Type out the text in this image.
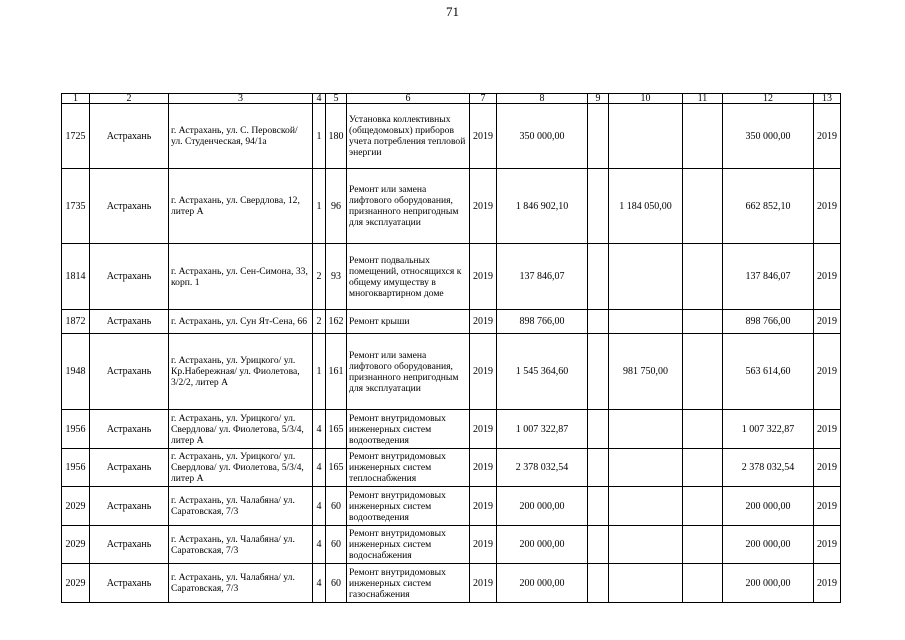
71
1	2	3	4	5	6	7	8	9	10	11	12	13
1725	Астрахань	г. Астрахань, ул. С. Перовской/ ул. Студенческая, 94/1а	1	180	Установка коллективных (общедомовых) приборов учета потребления тепловой энергии	2019	350 000,00				350 000,00	2019
1735	Астрахань	г. Астрахань, ул. Свердлова, 12, литер А	1	96	Ремонт или замена лифтового оборудования, признанного непригодным для эксплуатации	2019	1 846 902,10		1 184 050,00		662 852,10	2019
1814	Астрахань	г. Астрахань, ул. Сен-Симона, 33, корп. 1	2	93	Ремонт подвальных помещений, относящихся к общему имуществу в многоквартирном доме	2019	137 846,07				137 846,07	2019
1872	Астрахань	г. Астрахань, ул. Сун Ят-Сена, 66	2	162	Ремонт крыши	2019	898 766,00				898 766,00	2019
1948	Астрахань	г. Астрахань, ул. Урицкого/ ул. Кр.Набережная/ ул. Фиолетова, 3/2/2, литер А	1	161	Ремонт или замена лифтового оборудования, признанного непригодным для эксплуатации	2019	1 545 364,60		981 750,00		563 614,60	2019
1956	Астрахань	г. Астрахань, ул. Урицкого/ ул. Свердлова/ ул. Фиолетова, 5/3/4, литер А	4	165	Ремонт внутридомовых инженерных систем водоотведения	2019	1 007 322,87				1 007 322,87	2019
1956	Астрахань	г. Астрахань, ул. Урицкого/ ул. Свердлова/ ул. Фиолетова, 5/3/4, литер А	4	165	Ремонт внутридомовых инженерных систем теплоснабжения	2019	2 378 032,54				2 378 032,54	2019
2029	Астрахань	г. Астрахань, ул. Чалабяна/ ул. Саратовская, 7/3	4	60	Ремонт внутридомовых инженерных систем водоотведения	2019	200 000,00				200 000,00	2019
2029	Астрахань	г. Астрахань, ул. Чалабяна/ ул. Саратовская, 7/3	4	60	Ремонт внутридомовых инженерных систем водоснабжения	2019	200 000,00				200 000,00	2019
2029	Астрахань	г. Астрахань, ул. Чалабяна/ ул. Саратовская, 7/3	4	60	Ремонт внутридомовых инженерных систем газоснабжения	2019	200 000,00				200 000,00	2019
